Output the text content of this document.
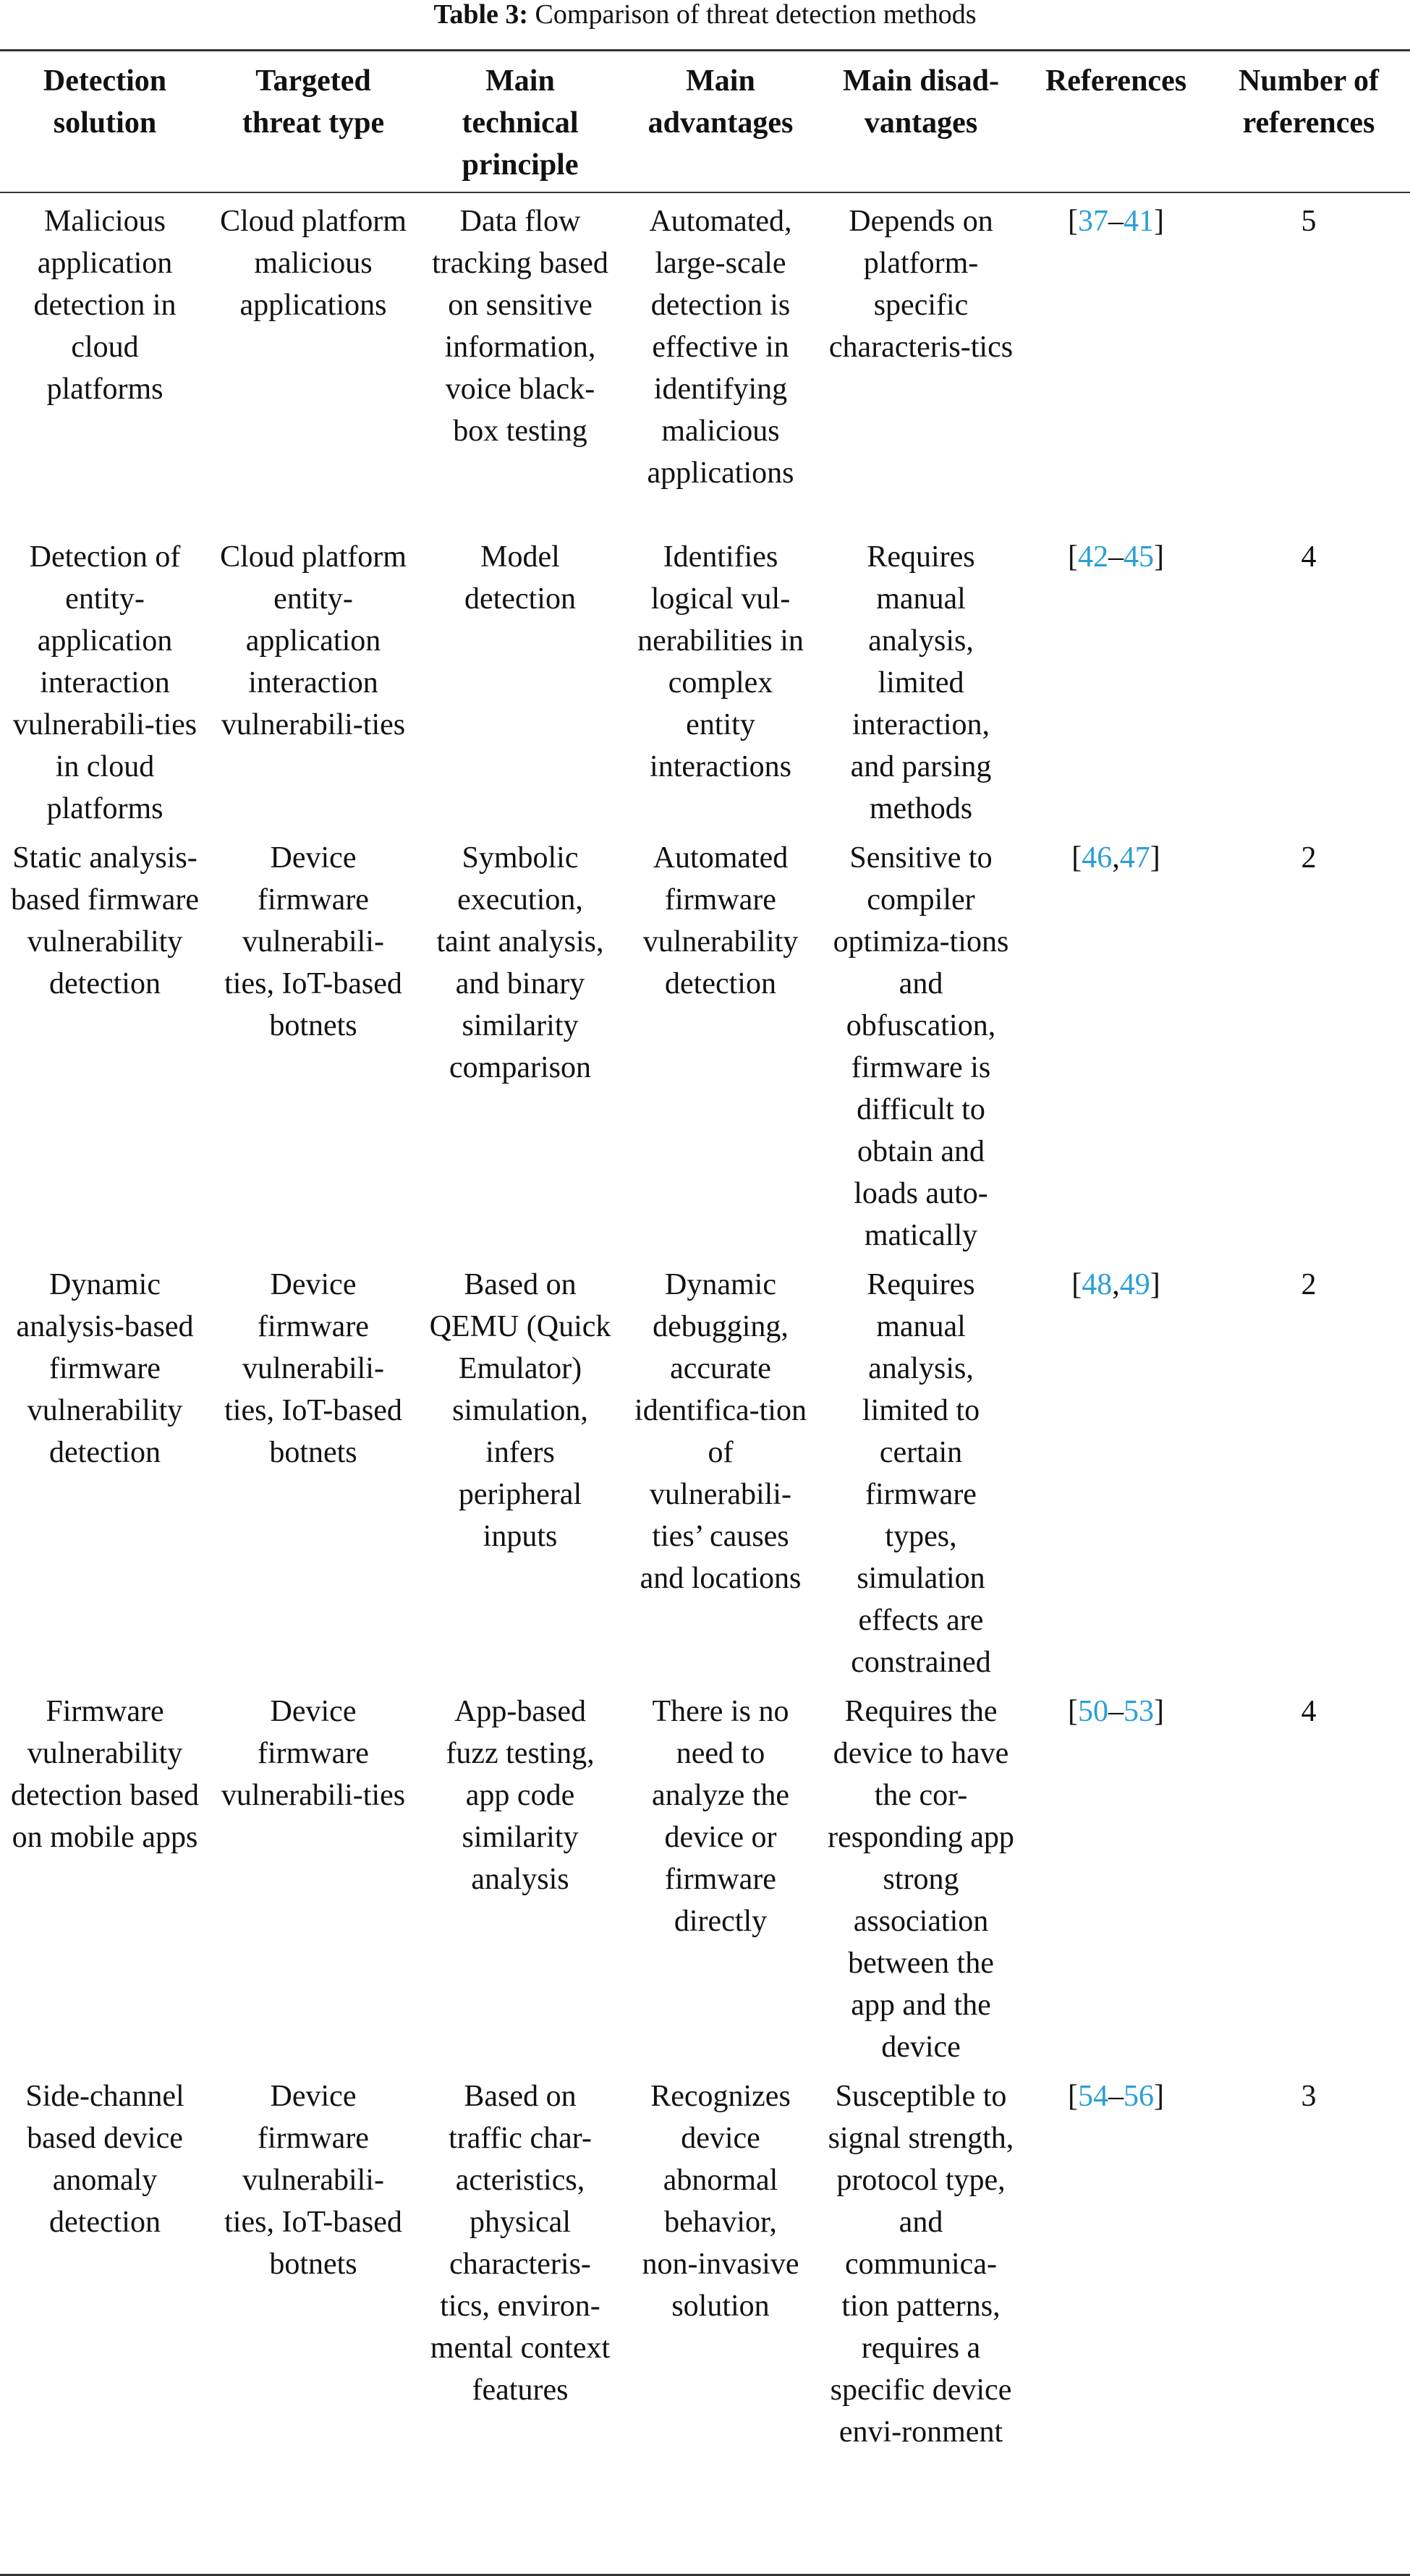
Table 3: Comparison of threat detection methods
Detection solution	Targeted threat type	Main technical principle	Main advantages	Main disad-vantages	References	Number of references
Malicious application detection in cloud platforms	Cloud platform malicious applications	Data flow tracking based on sensitive information, voice black-box testing	Automated, large-scale detection is effective in identifying malicious applications	Depends on platform-specific characteris-tics	[37–41]	5
Detection of entity-application interaction vulnerabili-ties in cloud platforms	Cloud platform entity-application interaction vulnerabili-ties	Model detection	Identifies logical vul-nerabilities in complex entity interactions	Requires manual analysis, limited interaction, and parsing methods	[42–45]	4
Static analysis-based firmware vulnerability detection	Device firmware vulnerabili-ties, IoT-based botnets	Symbolic execution, taint analysis, and binary similarity comparison	Automated firmware vulnerability detection	Sensitive to compiler optimiza-tions and obfuscation, firmware is difficult to obtain and loads auto-matically	[46,47]	2
Dynamic analysis-based firmware vulnerability detection	Device firmware vulnerabili-ties, IoT-based botnets	Based on QEMU (Quick Emulator) simulation, infers peripheral inputs	Dynamic debugging, accurate identifica-tion of vulnerabili-ties’ causes and locations	Requires manual analysis, limited to certain firmware types, simulation effects are constrained	[48,49]	2
Firmware vulnerability detection based on mobile apps	Device firmware vulnerabili-ties	App-based fuzz testing, app code similarity analysis	There is no need to analyze the device or firmware directly	Requires the device to have the cor-responding app strong association between the app and the device	[50–53]	4
Side-channel based device anomaly detection	Device firmware vulnerabili-ties, IoT-based botnets	Based on traffic char-acteristics, physical characteris-tics, environ-mental context features	Recognizes device abnormal behavior, non-invasive solution	Susceptible to signal strength, protocol type, and communica-tion patterns, requires a specific device envi-ronment	[54–56]	3
